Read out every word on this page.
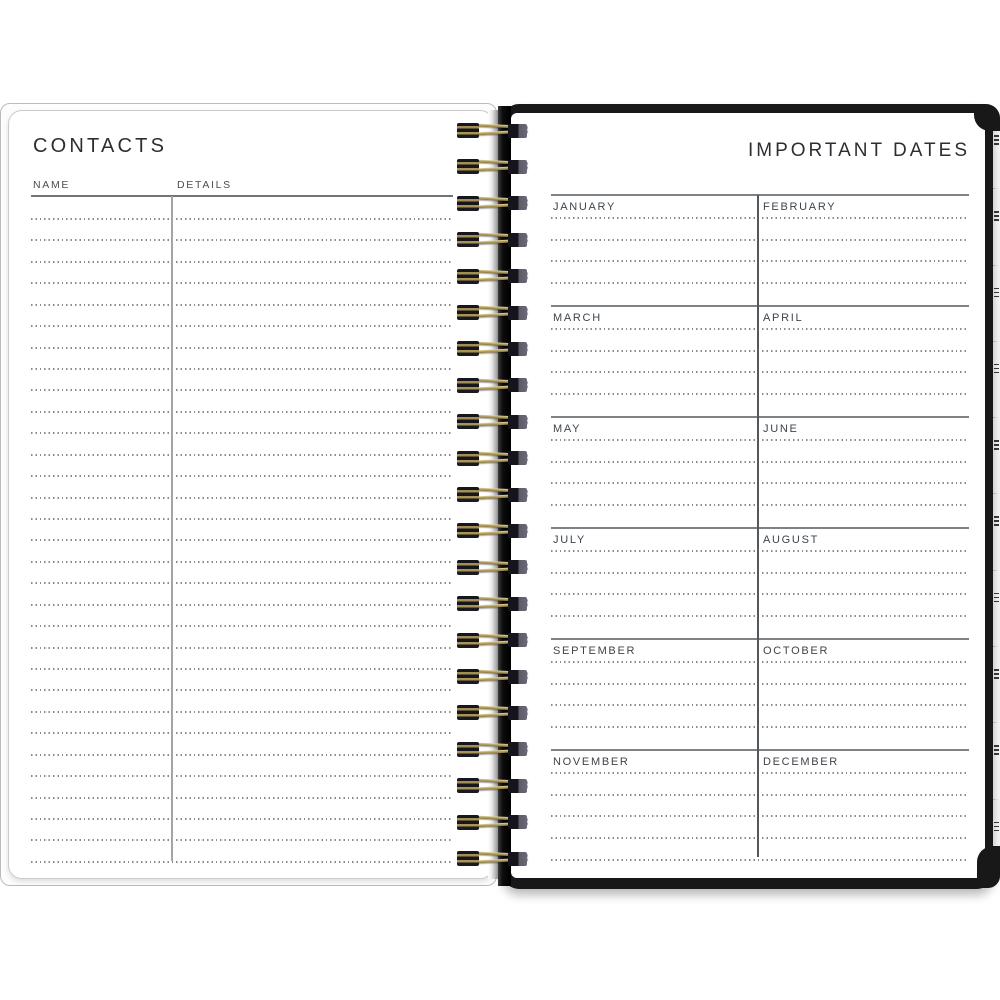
CONTACTS
NAME	DETAILS
IMPORTANT DATES
JANUARY	FEBRUARY
MARCH	APRIL
MAY	JUNE
JULY	AUGUST
SEPTEMBER	OCTOBER
NOVEMBER	DECEMBER
